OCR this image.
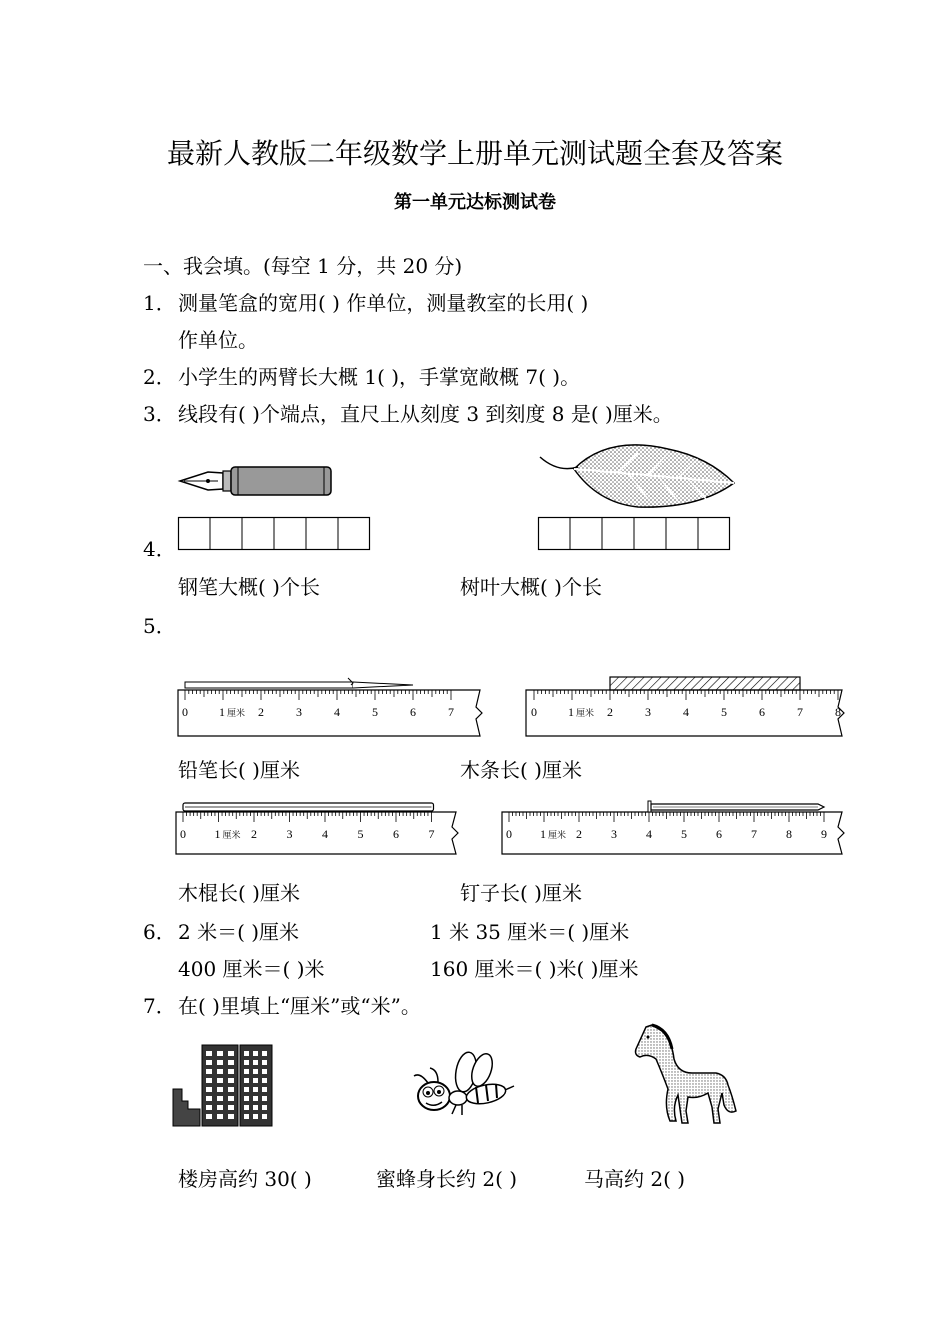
最新人教版二年级数学上册单元测试题全套及答案
第一单元达标测试卷
一、我会填。(每空 1 分，共 20 分)
1． 测量笔盒的宽用( ) 作单位，测量教室的长用( )
作单位。
2． 小学生的两臂长大概 1( )，手掌宽敞概 7( )。
3． 线段有( )个端点，直尺上从刻度 3 到刻度 8 是( )厘米。
4．
钢笔大概( )个长	树叶大概( )个长
5．
0	1 厘米 2	3	4	5	6	7	0	1 厘米 2	3	4	5	6	7	8
铅笔长( )厘米	木条长( )厘米
0 1 厘米 2 3 4 5 6 7	0 1 厘米 2 3 4 5 6 7 8 9
木棍长( )厘米	钉子长( )厘米
6． 2 米＝( )厘米	1 米 35 厘米＝( )厘米
400 厘米＝( )米	160 厘米＝( )米( )厘米
7． 在( )里填上“厘米”或“米”。
楼房高约 30( )	蜜蜂身长约 2( )	马高约 2( )
